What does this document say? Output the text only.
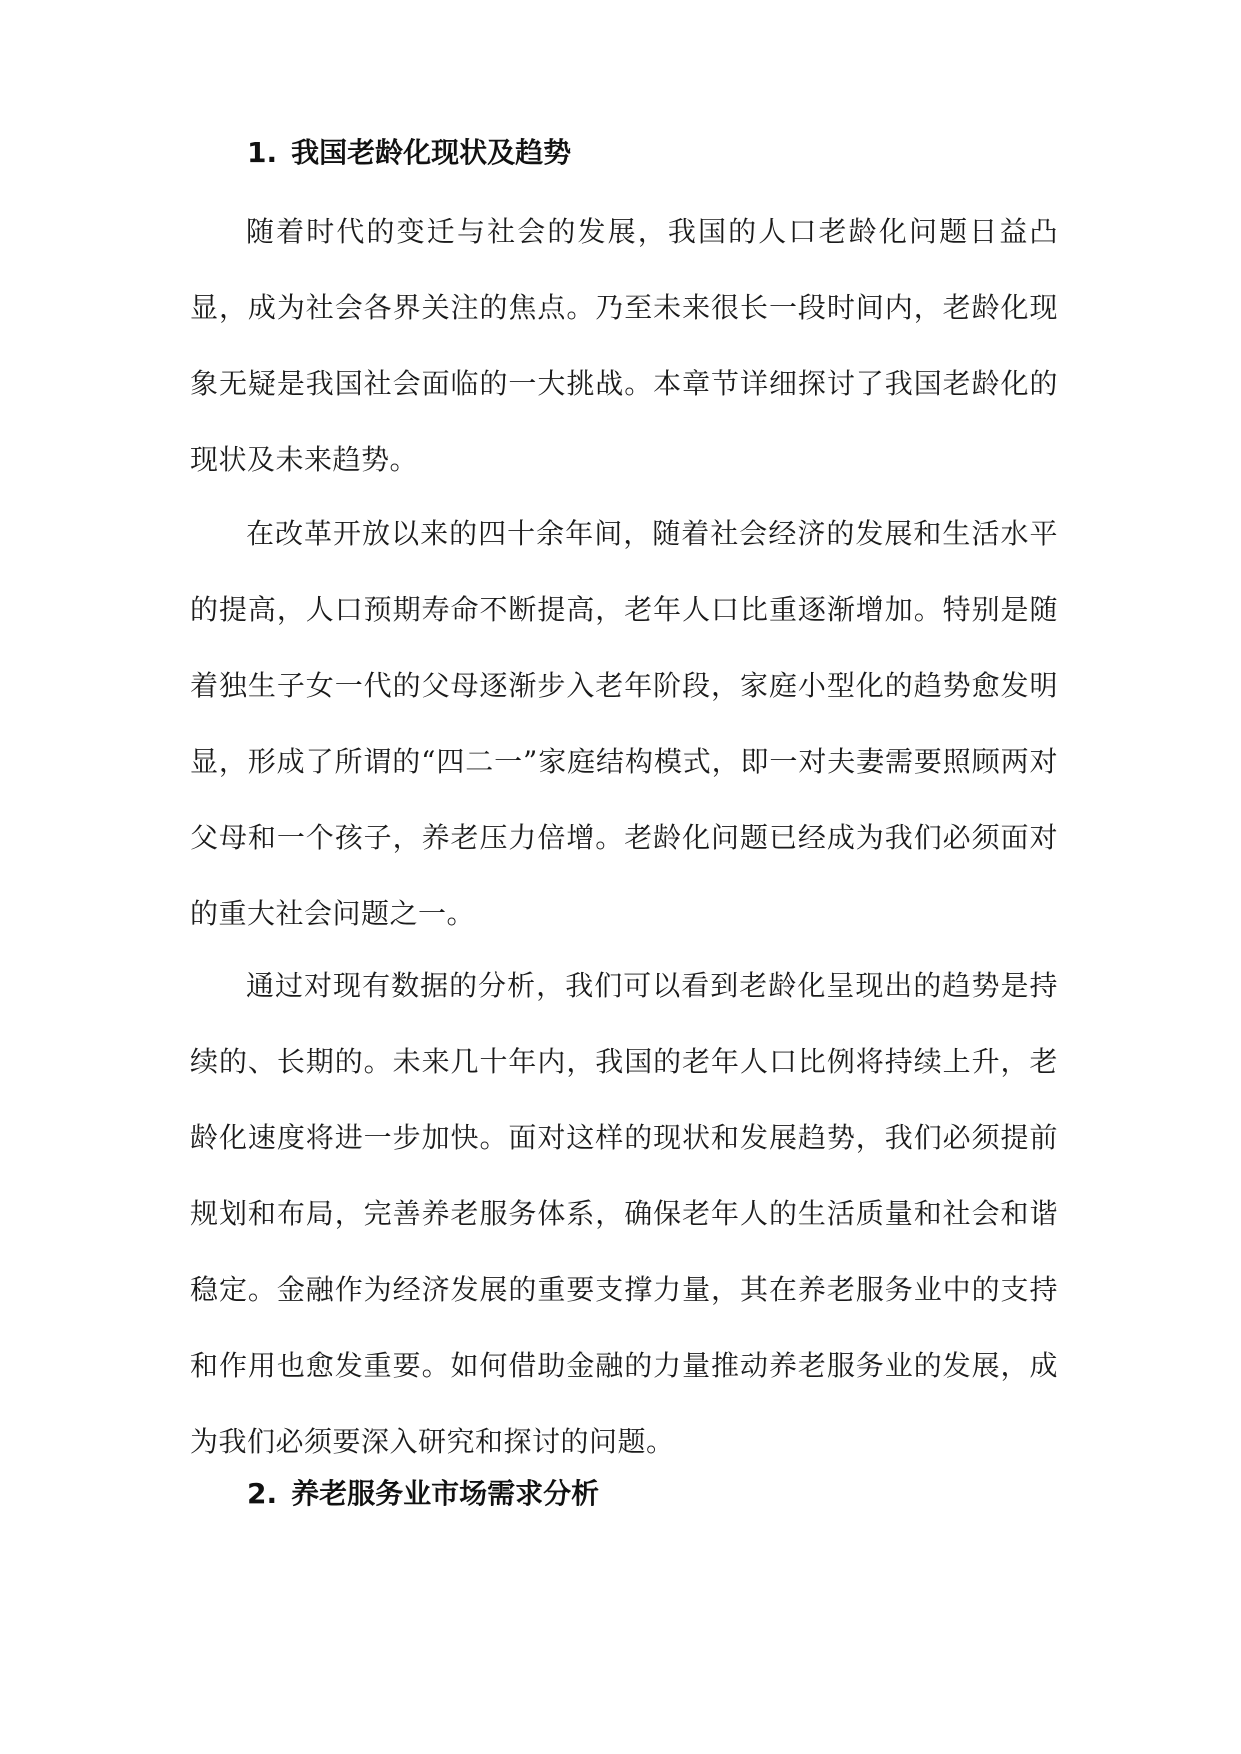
1. 我国老龄化现状及趋势

随着时代的变迁与社会的发展，我国的人口老龄化问题日益凸显，成为社会各界关注的焦点。乃至未来很长一段时间内，老龄化现象无疑是我国社会面临的一大挑战。本章节详细探讨了我国老龄化的现状及未来趋势。

在改革开放以来的四十余年间，随着社会经济的发展和生活水平的提高，人口预期寿命不断提高，老年人口比重逐渐增加。特别是随着独生子女一代的父母逐渐步入老年阶段，家庭小型化的趋势愈发明显，形成了所谓的“四二一”家庭结构模式，即一对夫妻需要照顾两对父母和一个孩子，养老压力倍增。老龄化问题已经成为我们必须面对的重大社会问题之一。

通过对现有数据的分析，我们可以看到老龄化呈现出的趋势是持续的、长期的。未来几十年内，我国的老年人口比例将持续上升，老龄化速度将进一步加快。面对这样的现状和发展趋势，我们必须提前规划和布局，完善养老服务体系，确保老年人的生活质量和社会和谐稳定。金融作为经济发展的重要支撑力量，其在养老服务业中的支持和作用也愈发重要。如何借助金融的力量推动养老服务业的发展，成为我们必须要深入研究和探讨的问题。

2. 养老服务业市场需求分析
